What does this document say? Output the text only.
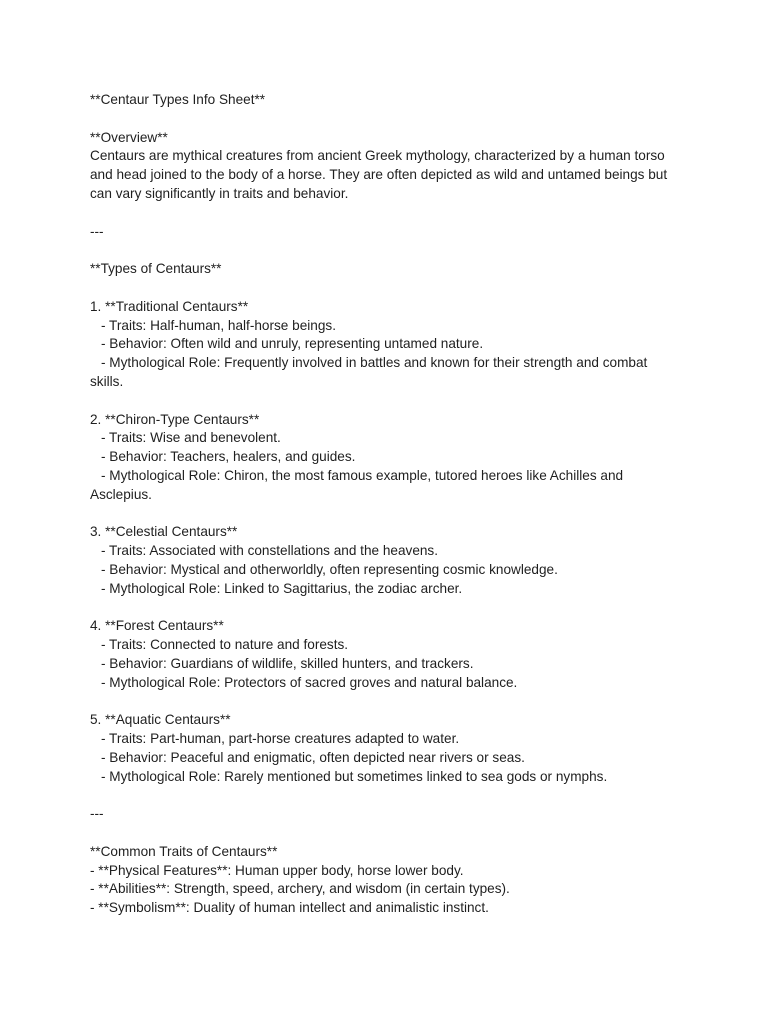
**Centaur Types Info Sheet**
**Overview**
Centaurs are mythical creatures from ancient Greek mythology, characterized by a human torso
and head joined to the body of a horse. They are often depicted as wild and untamed beings but
can vary significantly in traits and behavior.
---
**Types of Centaurs**
1. **Traditional Centaurs**
- Traits: Half-human, half-horse beings.
- Behavior: Often wild and unruly, representing untamed nature.
- Mythological Role: Frequently involved in battles and known for their strength and combat
skills.
2. **Chiron-Type Centaurs**
- Traits: Wise and benevolent.
- Behavior: Teachers, healers, and guides.
- Mythological Role: Chiron, the most famous example, tutored heroes like Achilles and
Asclepius.
3. **Celestial Centaurs**
- Traits: Associated with constellations and the heavens.
- Behavior: Mystical and otherworldly, often representing cosmic knowledge.
- Mythological Role: Linked to Sagittarius, the zodiac archer.
4. **Forest Centaurs**
- Traits: Connected to nature and forests.
- Behavior: Guardians of wildlife, skilled hunters, and trackers.
- Mythological Role: Protectors of sacred groves and natural balance.
5. **Aquatic Centaurs**
- Traits: Part-human, part-horse creatures adapted to water.
- Behavior: Peaceful and enigmatic, often depicted near rivers or seas.
- Mythological Role: Rarely mentioned but sometimes linked to sea gods or nymphs.
---
**Common Traits of Centaurs**
- **Physical Features**: Human upper body, horse lower body.
- **Abilities**: Strength, speed, archery, and wisdom (in certain types).
- **Symbolism**: Duality of human intellect and animalistic instinct.
